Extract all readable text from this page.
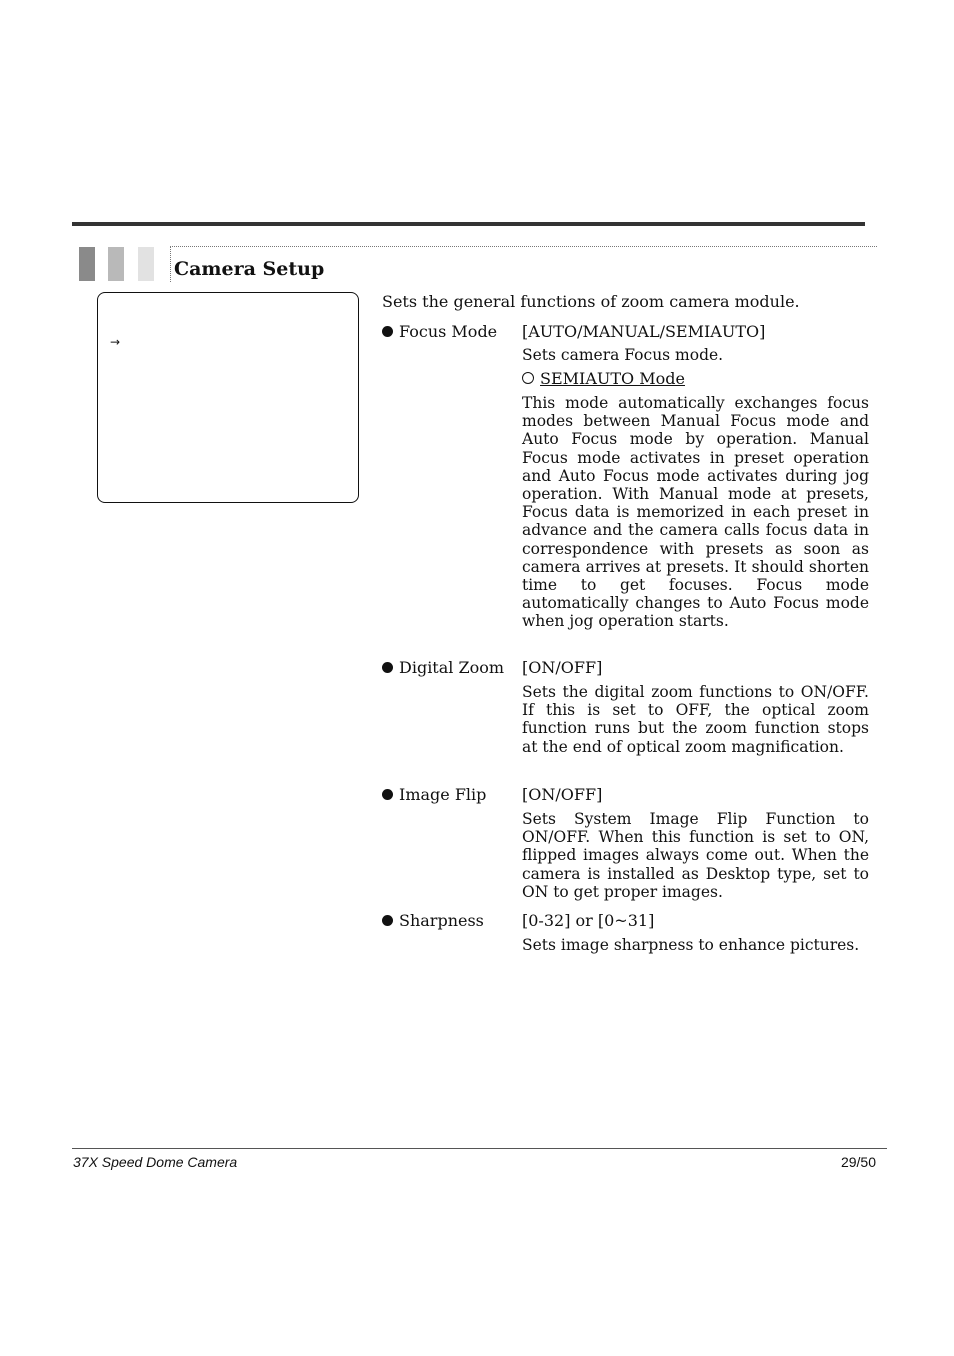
Camera Setup
→
Sets the general functions of zoom camera module.
Focus Mode [AUTO/MANUAL/SEMIAUTO]
Sets camera Focus mode.
SEMIAUTO Mode
This mode automatically exchanges focus modes between Manual Focus mode and Auto Focus mode by operation. Manual Focus mode activates in preset operation and Auto Focus mode activates during jog operation. With Manual mode at presets, Focus data is memorized in each preset in advance and the camera calls focus data in correspondence with presets as soon as camera arrives at presets. It should shorten time to get focuses. Focus mode automatically changes to Auto Focus mode when jog operation starts.
Digital Zoom [ON/OFF]
Sets the digital zoom functions to ON/OFF. If this is set to OFF, the optical zoom function runs but the zoom function stops at the end of optical zoom magnification.
Image Flip [ON/OFF]
Sets System Image Flip Function to ON/OFF. When this function is set to ON, flipped images always come out. When the camera is installed as Desktop type, set to ON to get proper images.
Sharpness [0-32] or [0~31]
Sets image sharpness to enhance pictures.
37X Speed Dome Camera	29/50
